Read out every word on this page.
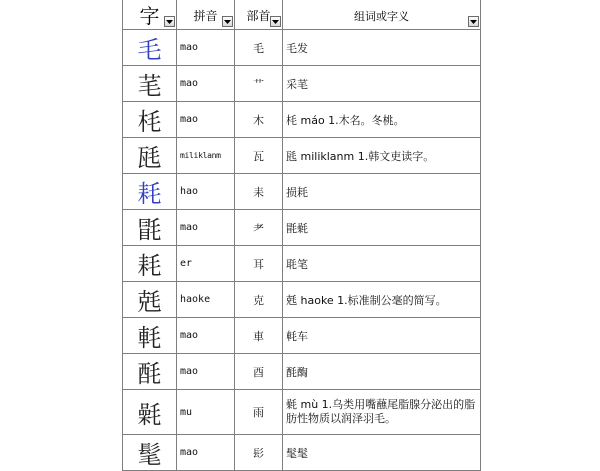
字	拼音	部首	组词或字义

毛	mao	毛	毛发
芼	mao	艹	采芼
枆	mao	木	枆 máo 1.木名。冬桃。
瓱	miliklanm	瓦	瓱 miliklanm 1.韩文吏读字。
耗	hao	耒	损耗
毷	mao	耂	毷氉
耗	er	耳	毦笔
兞	haoke	克	兞 haoke 1.标准制公毫的简写。
軞	mao	車	軞车
酕	mao	酉	酕醄
氉	mu	雨	氉 mù 1.乌类用嘴蘸尾脂腺分泌出的脂肪性物质以润泽羽毛。
髦	mao	髟	髦髦
